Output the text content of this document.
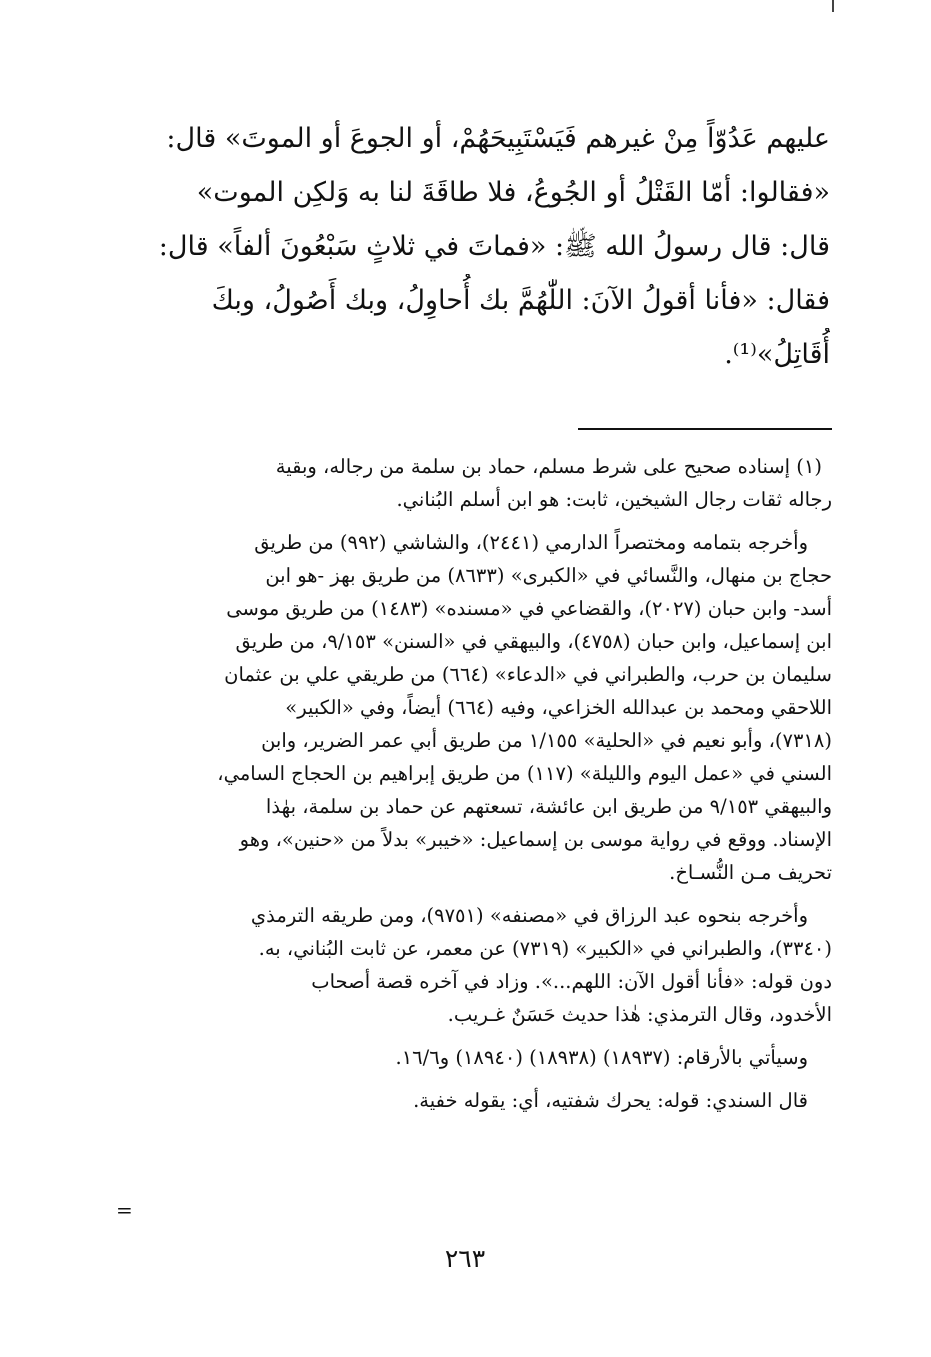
عليهم عَدُوّاً مِنْ غيرهم فَيَسْتَبِيحَهُمْ، أو الجوعَ أو الموتَ» قال:
«فقالوا: أمّا القَتْلُ أو الجُوعُ، فلا طاقَةَ لنا به وَلكِن الموت»
قال: قال رسولُ الله ﷺ: «فماتَ في ثلاثٍ سَبْعُونَ ألفاً» قال:
فقال: «فأنا أقولُ الآنَ: اللّٰهُمَّ بك أُحاوِلُ، وبك أَصُولُ، وبكَ
أُقَاتِلُ»⁽¹⁾.
(١) إسناده صحيح على شرط مسلم، حماد بن سلمة من رجاله، وبقية
رجاله ثقات رجال الشيخين، ثابت: هو ابن أسلم البُناني.
وأخرجه بتمامه ومختصراً الدارمي (٢٤٤١)، والشاشي (٩٩٢) من طريق
حجاج بن منهال، والنَّسائي في «الكبرى» (٨٦٣٣) من طريق بهز -هو ابن
أسد- وابن حبان (٢٠٢٧)، والقضاعي في «مسنده» (١٤٨٣) من طريق موسى
ابن إسماعيل، وابن حبان (٤٧٥٨)، والبيهقي في «السنن» ٩/١٥٣، من طريق
سليمان بن حرب، والطبراني في «الدعاء» (٦٦٤) من طريقي علي بن عثمان
اللاحقي ومحمد بن عبدالله الخزاعي، وفيه (٦٦٤) أيضاً، وفي «الكبير»
(٧٣١٨)، وأبو نعيم في «الحلية» ١/١٥٥ من طريق أبي عمر الضرير، وابن
السني في «عمل اليوم والليلة» (١١٧) من طريق إبراهيم بن الحجاج السامي،
والبيهقي ٩/١٥٣ من طريق ابن عائشة، تسعتهم عن حماد بن سلمة، بهٰذا
الإسناد. ووقع في رواية موسى بن إسماعيل: «خيبر» بدلاً من «حنين»، وهو
تحريف مـن النُّسـاخ.
وأخرجه بنحوه عبد الرزاق في «مصنفه» (٩٧٥١)، ومن طريقه الترمذي
(٣٣٤٠)، والطبراني في «الكبير» (٧٣١٩) عن معمر، عن ثابت البُناني، به.
دون قوله: «فأنا أقول الآن: اللهم...». وزاد في آخره قصة أصحاب
الأخدود، وقال الترمذي: هٰذا حديث حَسَنٌ غـريب.
وسيأتي بالأرقام: (١٨٩٣٧) (١٨٩٣٨) (١٨٩٤٠) و١٦/٦.
قال السندي: قوله: يحرك شفتيه، أي: يقوله خفية.
=
٢٦٣
